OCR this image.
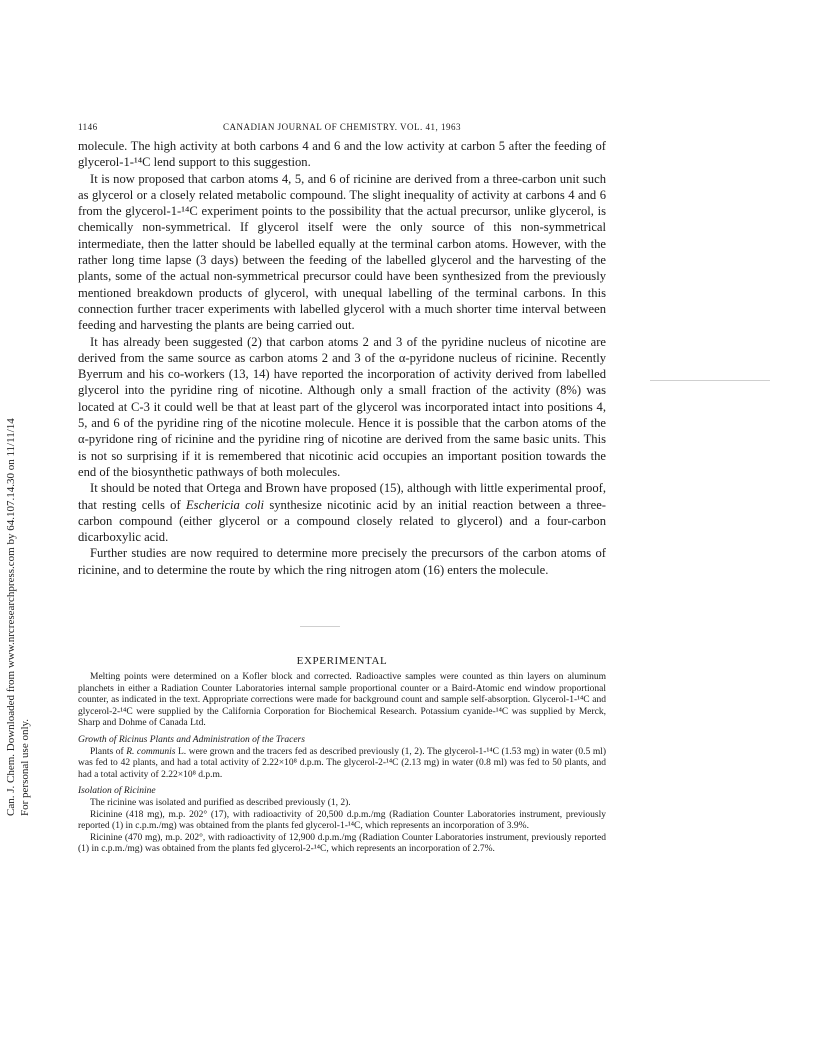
1146	CANADIAN JOURNAL OF CHEMISTRY. VOL. 41, 1963
Can. J. Chem. Downloaded from www.nrcresearchpress.com by 64.107.14.30 on 11/11/14 For personal use only.

molecule. The high activity at both carbons 4 and 6 and the low activity at carbon 5 after the feeding of glycerol-1-¹⁴C lend support to this suggestion.

It is now proposed that carbon atoms 4, 5, and 6 of ricinine are derived from a three-carbon unit such as glycerol or a closely related metabolic compound. The slight inequality of activity at carbons 4 and 6 from the glycerol-1-¹⁴C experiment points to the possibility that the actual precursor, unlike glycerol, is chemically non-symmetrical. If glycerol itself were the only source of this non-symmetrical intermediate, then the latter should be labelled equally at the terminal carbon atoms. However, with the rather long time lapse (3 days) between the feeding of the labelled glycerol and the harvesting of the plants, some of the actual non-symmetrical precursor could have been synthesized from the previously mentioned breakdown products of glycerol, with unequal labelling of the terminal carbons. In this connection further tracer experiments with labelled glycerol with a much shorter time interval between feeding and harvesting the plants are being carried out.

It has already been suggested (2) that carbon atoms 2 and 3 of the pyridine nucleus of nicotine are derived from the same source as carbon atoms 2 and 3 of the α-pyridone nucleus of ricinine. Recently Byerrum and his co-workers (13, 14) have reported the incorporation of activity derived from labelled glycerol into the pyridine ring of nicotine. Although only a small fraction of the activity (8%) was located at C-3 it could well be that at least part of the glycerol was incorporated intact into positions 4, 5, and 6 of the pyridine ring of the nicotine molecule. Hence it is possible that the carbon atoms of the α-pyridone ring of ricinine and the pyridine ring of nicotine are derived from the same basic units. This is not so surprising if it is remembered that nicotinic acid occupies an important position towards the end of the biosynthetic pathways of both molecules.

It should be noted that Ortega and Brown have proposed (15), although with little experimental proof, that resting cells of Eschericia coli synthesize nicotinic acid by an initial reaction between a three-carbon compound (either glycerol or a compound closely related to glycerol) and a four-carbon dicarboxylic acid.

Further studies are now required to determine more precisely the precursors of the carbon atoms of ricinine, and to determine the route by which the ring nitrogen atom (16) enters the molecule.

EXPERIMENTAL

Melting points were determined on a Kofler block and corrected. Radioactive samples were counted as thin layers on aluminum planchets in either a Radiation Counter Laboratories internal sample proportional counter or a Baird-Atomic end window proportional counter, as indicated in the text. Appropriate corrections were made for background count and sample self-absorption. Glycerol-1-¹⁴C and glycerol-2-¹⁴C were supplied by the California Corporation for Biochemical Research. Potassium cyanide-¹⁴C was supplied by Merck, Sharp and Dohme of Canada Ltd.

Growth of Ricinus Plants and Administration of the Tracers

Plants of R. communis L. were grown and the tracers fed as described previously (1, 2). The glycerol-1-¹⁴C (1.53 mg) in water (0.5 ml) was fed to 42 plants, and had a total activity of 2.22×10⁸ d.p.m. The glycerol-2-¹⁴C (2.13 mg) in water (0.8 ml) was fed to 50 plants, and had a total activity of 2.22×10⁸ d.p.m.

Isolation of Ricinine

The ricinine was isolated and purified as described previously (1, 2).

Ricinine (418 mg), m.p. 202° (17), with radioactivity of 20,500 d.p.m./mg (Radiation Counter Laboratories instrument, previously reported (1) in c.p.m./mg) was obtained from the plants fed glycerol-1-¹⁴C, which represents an incorporation of 3.9%.

Ricinine (470 mg), m.p. 202°, with radioactivity of 12,900 d.p.m./mg (Radiation Counter Laboratories instrument, previously reported (1) in c.p.m./mg) was obtained from the plants fed glycerol-2-¹⁴C, which represents an incorporation of 2.7%.
